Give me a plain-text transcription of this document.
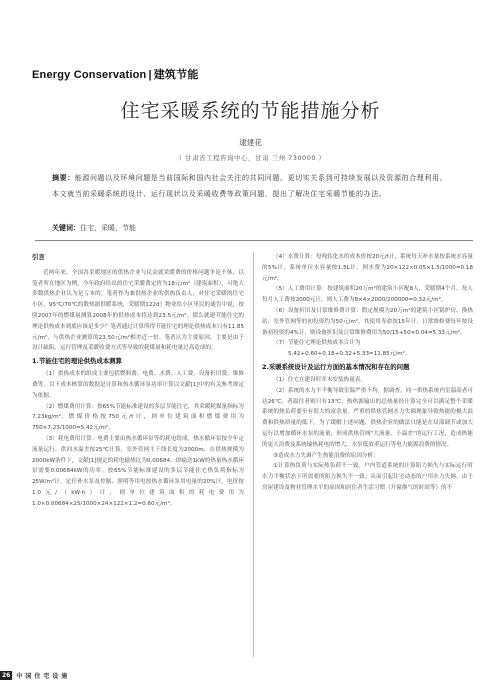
Energy Conservation | 建筑节能
住宅采暖系统的节能措施分析
逮建花
（ 甘肃省工程咨询中心，甘肃 兰州 730000 ）
摘要：能源问题以及环境问题是当前国际和国内社会关注的共同问题。更切实关系到可持续发展以及资源的合理利用。本文就当前采暖系统的设计、运行现状以及采暖收费等政策问题，提出了解决住宅采暖节能的办法。
关键词：住宅，采暖，节能
引言

近两年来，全国各采暖地区的供热企业与民众就采暖费的价格问题争论不休，以笔者所在地区为例，今年政府给出的住宅采暖费定价为18元/m²（建筑面积），可绝大多数供热企业认为是亏本的。笔者作为兼供热企业的供热负责人，对住宅采暖的住宅小区，95℃/70℃的散热器供暖系统，采暖期122d）物业给小区里民的通告中说，按照2007年的燃煤量测算2008年的供热成本将达到23.5元/m²。那么就建节能住宅的理论供热成本到底应该是多少？笔者通过计算所得节能住宅的理论供热成本只有11.85元/m²，与供热企业测算的23.50元/m²相差近一倍。笔者认为主要原因，主要是由于设计缺陷、运行管理及采暖收费方式等导致的耗煤量和耗电量过高造成的。

1.节能住宅的理论供热成本测算

（1）供热成本的组成主要包括燃料费、电费、水费、人工费、设备折旧费、维修费等。以下成本核算的数据是计算和热水循环泵功率计算以文献[1]中的有关参考规定为依据。

（2）燃煤费用计算：按65%节能标准建设的多层节能住宅，其采暖耗煤量指标为7.23kg/m²；燃煤价格按750元/t计，则单位建筑面积燃煤费用为750×7.23/1000=5.42元/m²。

（3）耗电费用计算：电费主要由热水循环泵等的耗电组成，热水循环泵按全年定流量运行，供回水温差按25℃计算，室外管网主干线长度为2000m，在供热规模为2000kW条件下，文献[1]规定的耗电输热比为0.00684，即输送1kW的热量热水循环泵需要0.00684kW的功率。按65%节能标准建设的多层节能住宅热负荷指标为25W/m²计，定任补水泵及控制、照明等用电按热水循环泵用电量的20%计，电价按1.0元/（kW·h）计，则单位建筑面积的耗电费用为1.0×0.00684×25/1000×24×122×1.2=0.60元/m²。

（4）水费计算：每吨软化水的成本价按20元/t计，系统每天补水量按系统水容量的5%计，系统单位水容量按1.5L计，则水费为20×122×0.05×1.5/1000=0.18元/m²。

（5）人工费用计算：按建筑面积20万m²的建筑小区配8人，采暖期4个月，每人每月人工费按2000元计，则人工费为8×4×2000/200000=0.32元/m²。

（6）设备折旧及日常维修费计算：假定规模为20万m²的建筑小区锅炉房、换热站、室外管网等的初投资约为50元/m²，其使用寿命按15年计，日常维修费每年按设备初投资的4%计，则设备折旧及日常维修费用为50/15+50×0.04=5.33元/m²。

（7）节能住宅理论供热成本合计为

5.42+0.60+0.18+0.32+5.33=11.85元/m²。

2.采暖系统设计及运行方面的基本情况和存在的问题

（1）住宅在建设时并未安装热量表。

（2）系统的水力不平衡导致室温严重不均。据调查，同一供热系统内室温高者可达26℃，者温往者则只有13℃。热热源输出的总热量经计算完全可以满足整个采暖系统的热负荷要至有很大的富余量。严重的供热管网水力失调现象导致热能的极大浪费和供热质量的低下。为了缓解上述问题，供热企业的做法只能是在局部调节或加大运行以增加循环水泵的流量，形成供热管网"大流量、小温差"的运行工况，造成热能的更大浪费及系统输热耗电的增大，水泵低效率运行等电力能源浪费的情况。

③造成水力失调产生热能浪费的原因分析：

①计算热负荷与实际热负荷不一致。户内管道系统的计算阻力损失与实际运行时水力平衡状态下所需要的阻力损失不一致。从而引起住宅动态的户用水力失调。由于房屋建设及物业管理水平的原因和居住者生活习惯（开窗换气的时间等）的不

26	中国住宅设施
